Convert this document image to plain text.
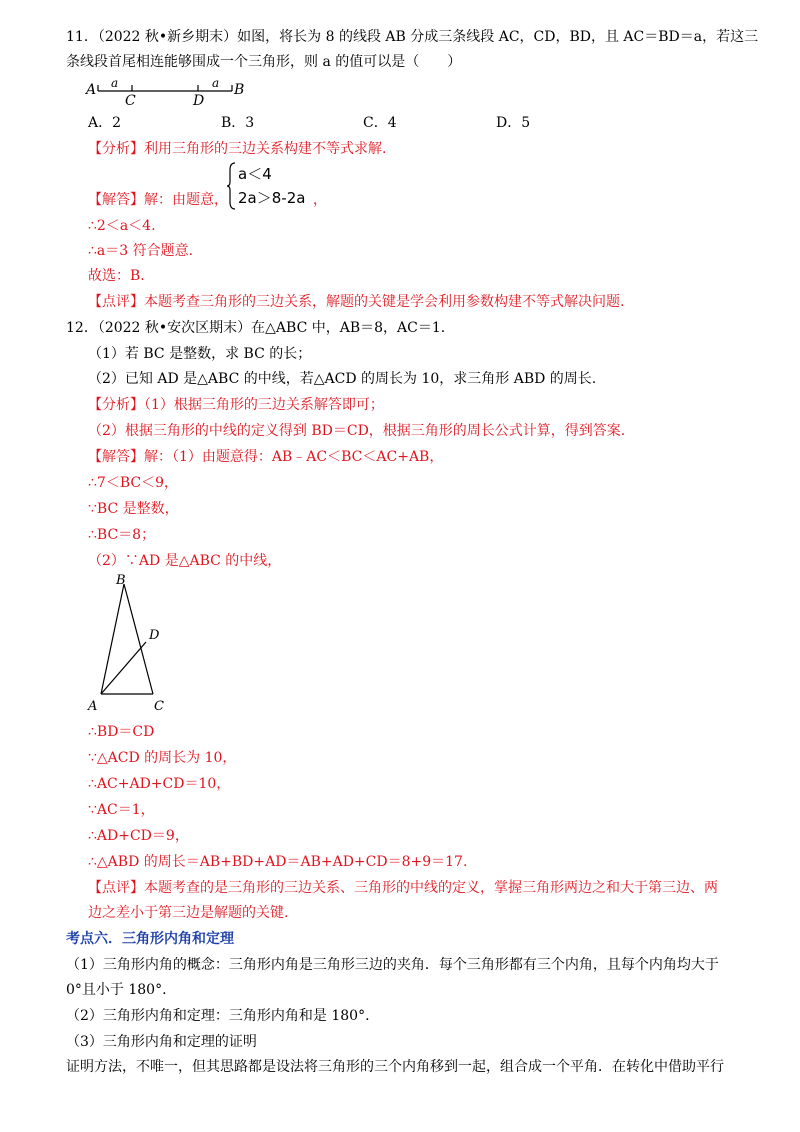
11．（2022 秋•新乡期末）如图，将长为 8 的线段 AB 分成三条线段 AC，CD，BD，且 AC＝BD＝a，若这三
条线段首尾相连能够围成一个三角形，则 a 的值可以是（　　）
A a	a
C	D
B
A．2	B．3	C．4	D．5
【分析】利用三角形的三边关系构建不等式求解.
【解答】解：由题意，
a＜4
2a＞8-2a ，
∴2＜a＜4.
∴a＝3 符合题意.
故选：B.
【点评】本题考查三角形的三边关系，解题的关键是学会利用参数构建不等式解决问题.
12．（2022 秋•安次区期末）在△ABC 中，AB＝8，AC＝1.
（1）若 BC 是整数，求 BC 的长；
（2）已知 AD 是△ABC 的中线，若△ACD 的周长为 10，求三角形 ABD 的周长.
【分析】（1）根据三角形的三边关系解答即可；
（2）根据三角形的中线的定义得到 BD＝CD，根据三角形的周长公式计算，得到答案.
【解答】解：（1）由题意得：AB﹣AC＜BC＜AC+AB，
∴7＜BC＜9，
∵BC 是整数，
∴BC＝8；
（2）∵AD 是△ABC 的中线，
B
D
A	C
∴BD＝CD
∵△ACD 的周长为 10，
∴AC+AD+CD＝10，
∵AC＝1，
∴AD+CD＝9，
∴△ABD 的周长＝AB+BD+AD＝AB+AD+CD＝8+9＝17.
【点评】本题考查的是三角形的三边关系、三角形的中线的定义，掌握三角形两边之和大于第三边、两
边之差小于第三边是解题的关键.
考点六．三角形内角和定理
（1）三角形内角的概念：三角形内角是三角形三边的夹角．每个三角形都有三个内角，且每个内角均大于
0°且小于 180°.
（2）三角形内角和定理：三角形内角和是 180°.
（3）三角形内角和定理的证明
证明方法，不唯一，但其思路都是设法将三角形的三个内角移到一起，组合成一个平角．在转化中借助平行
